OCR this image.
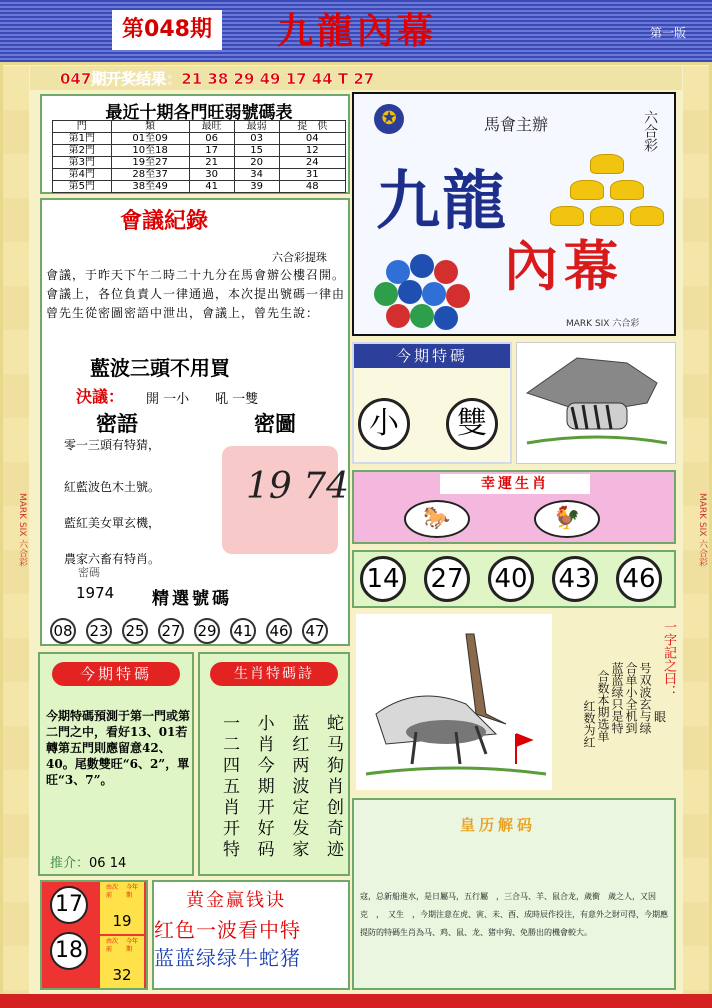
第048期 九龍內幕	第一版
MARK SIX 六合彩	MARK SIX 六合彩
047期开奖结果：21 38 29 49 17 44 T 27
最近十期各門旺弱號碼表
門	類	最旺	最弱	提　 供
第1門	01至09	06	03	04
第2門	10至18	17	15	12
第3門	19至27	21	20	24
第4門	28至37	30	34	31
第5門	38至49	41	39	48
會議紀錄
六合彩提珠
會議，于昨天下午二時二十九分在馬會辦公樓召開。會議上，各位負責人一律通過，本次提出號碼一律由曾先生從密圖密語中泄出，會議上，曾先生說：
藍波三頭不用買
決議： 開 一小　　吼 一雙
密語	密圖
零一三頭有特猜，
紅藍波色木土號。
藍紅美女單玄機，
農家六畜有特肖。
19 74
密碼
1974 精選號碼
08 23 25 27 29 41 46 47
✪	馬會主辦	六合彩
九龍
內幕
MARK SIX 六合彩
今期特碼
小	雙
幸運生肖
🐎	🐓
14 27 40 43 46
一字記之曰：
眼
合数本期选单 蓝蓝绿只是特 合单小全机到 号双波玄与绿
红数为红
皇历解码
寇，总新船進水，是日屬马，五行屬　，三合马、羊、鼠合龙，歲衝　歲之人，又因克　，　又生　，今期注意在虎、寅、未、酉、成時辰作投注，有意外之財可得，今期應提防的特碼生肖為马、鸡、鼠、龙、猪中狗、免勝出的機會較大。
今期特碼
今期特碼預測于第一門或第二門之中，看好13、01若轉第五門則應留意42、40。尾數雙旺“6、2”，單旺“3、7”。
推介：06 14
生肖特碼詩
蛇马狗肖创奇迹
蓝红两波定发家
小肖今期开好码
一二四五肖开特
17
18
由次前
今年期
19
由次前
今年期
32
黄金赢钱诀
红色一波看中特
蓝蓝绿绿牛蛇猪
